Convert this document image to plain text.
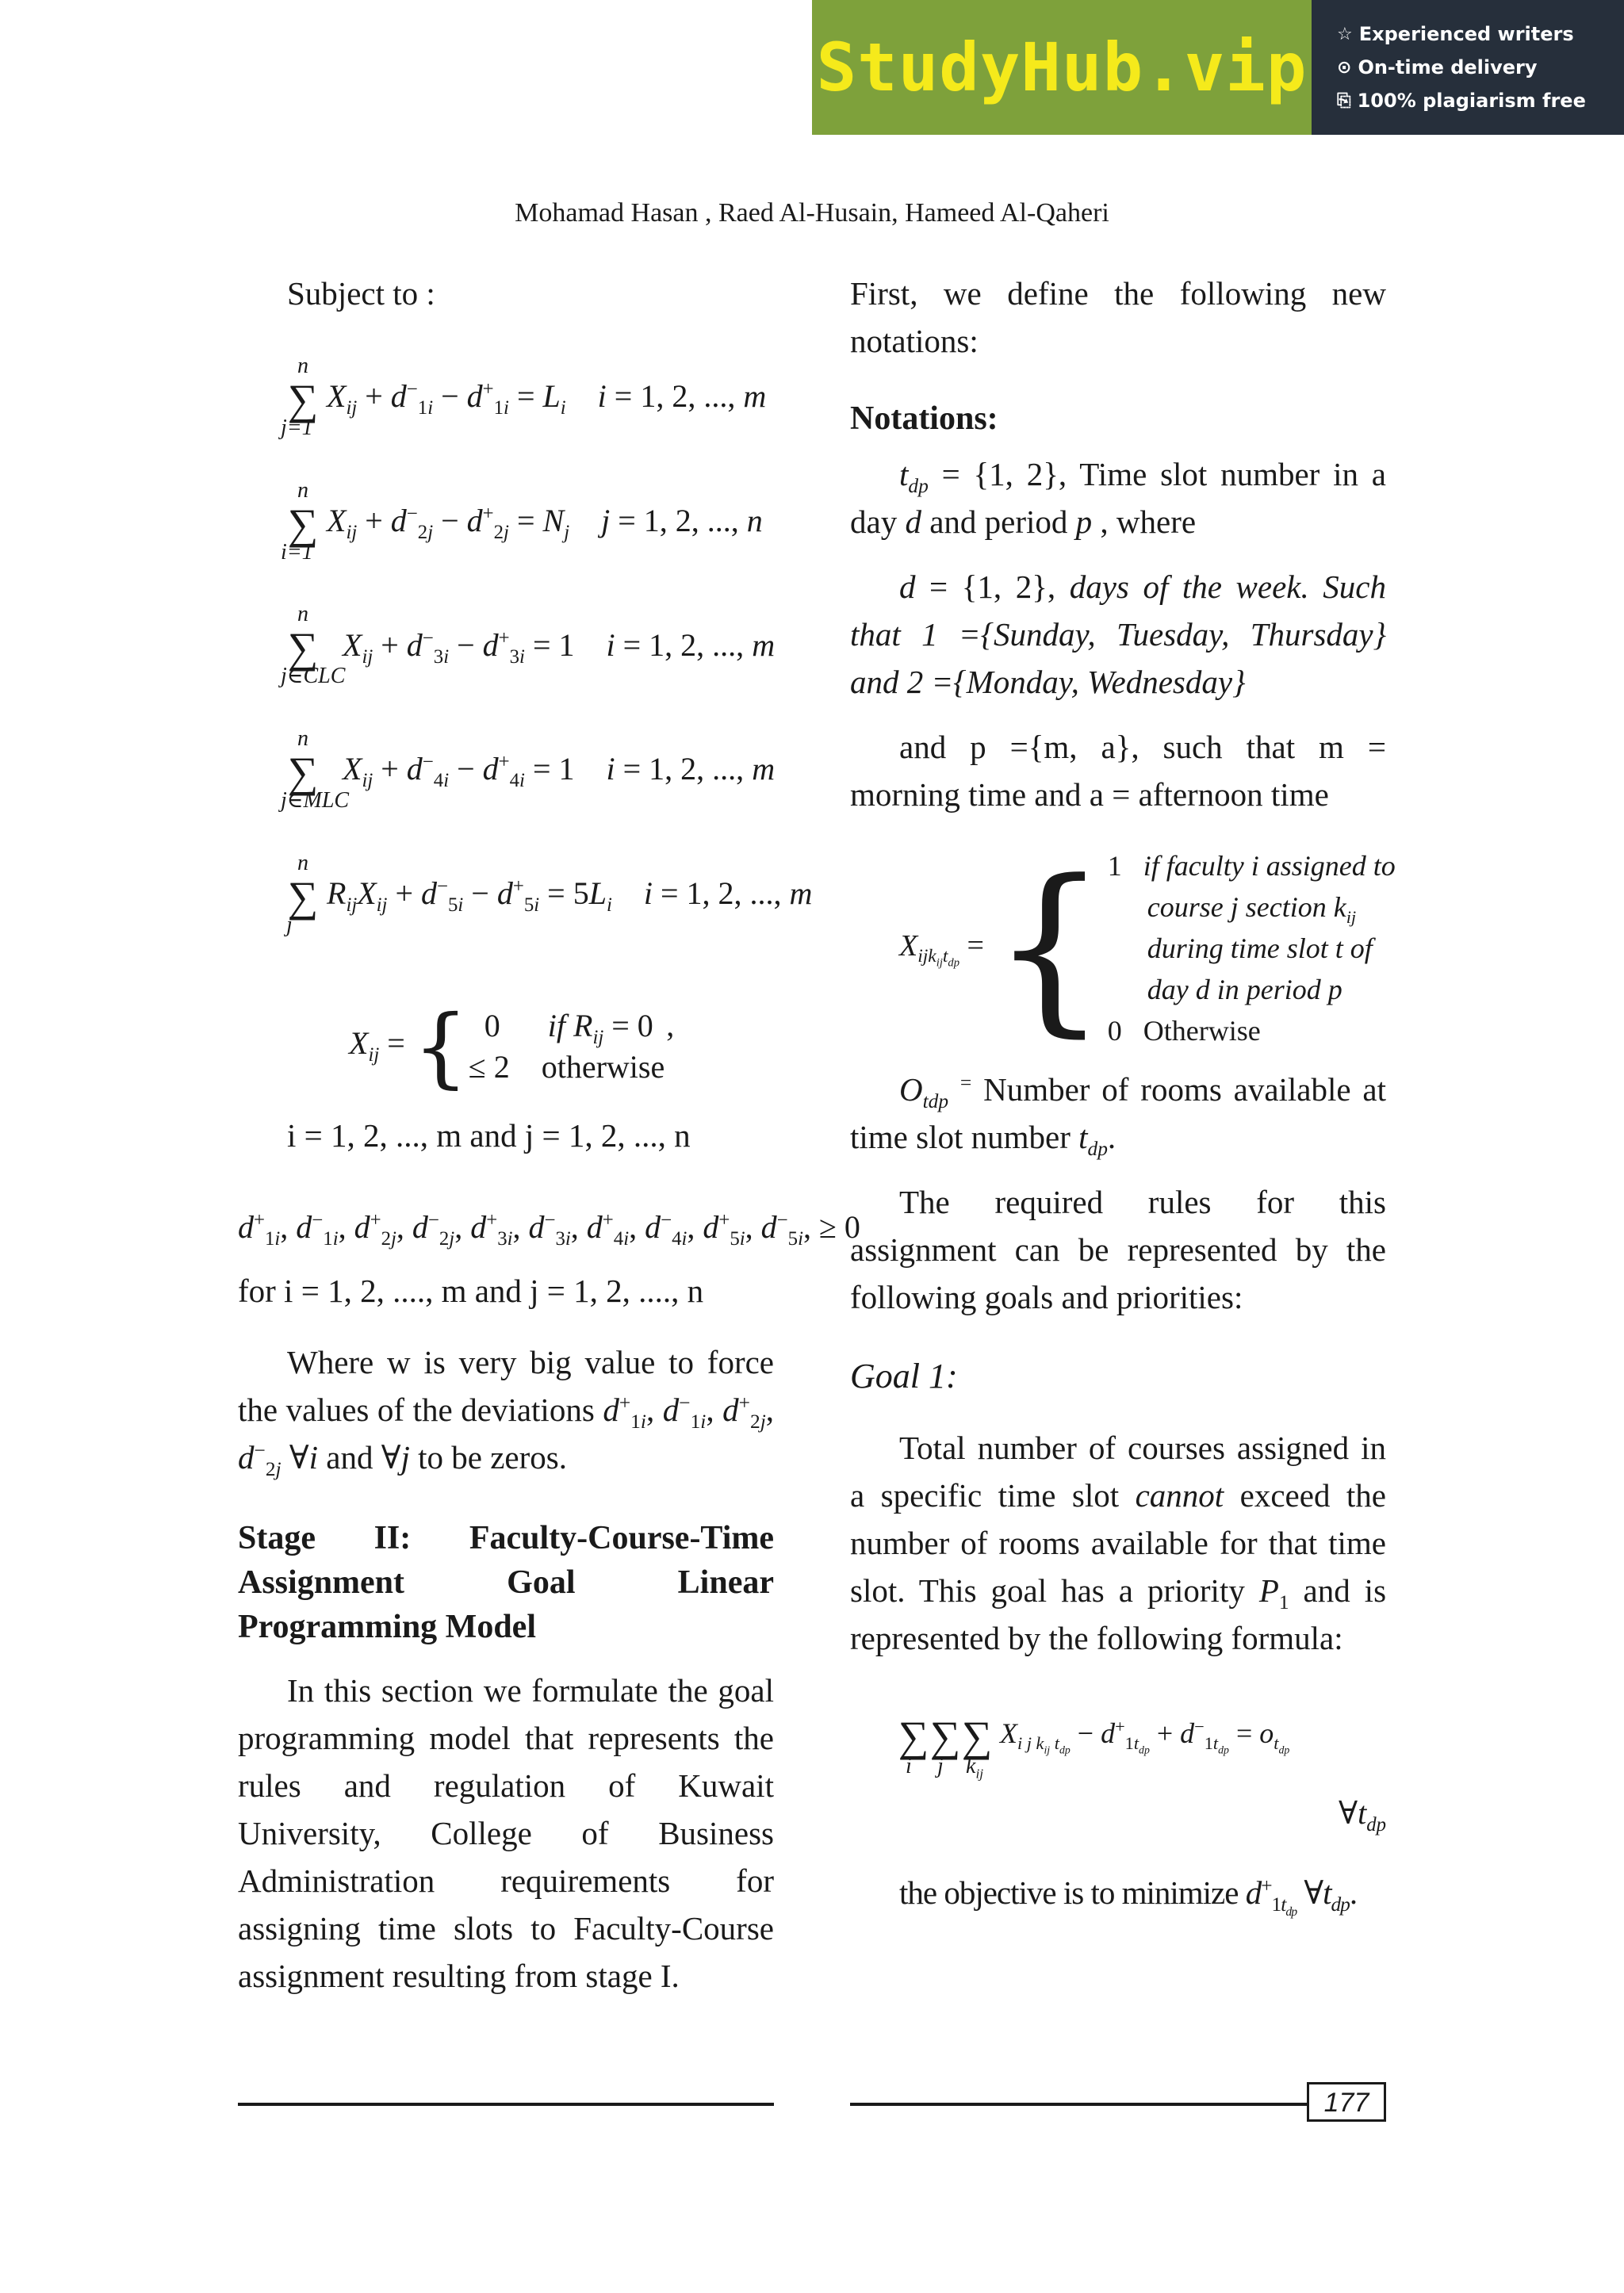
StudyHub.vip ☆ Experienced writers
⊙ On-time delivery
⎘ 100% plagiarism free
Mohamad Hasan , Raed Al-Husain, Hameed Al-Qaheri

Subject to :

n
∑
j=1
$X_{ij} + d^-_{1i} - d^+_{1i} = L_i$ i = 1, 2, ..., m
n
∑
i=1
$X_{ij} + d^-_{2j} - d^+_{2j} = N_j$ j = 1, 2, ..., n
n
∑
j∈CLC
$X_{ij} + d^-_{3i} - d^+_{3i} = 1$    i = 1, 2, ..., m
n
∑
j∈MLC
$X_{ij} + d^-_{4i} - d^+_{4i} = 1$    i = 1, 2, ..., m
n
∑
j
$R_{ij}X_{ij} + d^-_{5i} - d^+_{5i} = 5L_i$ i = 1, 2, ..., m
$X_{ij}$ = { 0      if $R_{ij} = 0$
≤ 2    otherwise
’

i = 1, 2, ..., m and j = 1, 2, ..., n

$d^+_{1i}$, $d^-_{1i}$, $d^+_{2j}$, $d^-_{2j}$, $d^+_{3i}$, $d^-_{3i}$, $d^+_{4i}$, $d^-_{4i}$, $d^+_{5i}$, $d^-_{5i}$, ≥ 0

for i = 1, 2, ...., m and j = 1, 2, ...., n

Where w is very big value to force the values of the deviations $d^+_{1i}$, $d^-_{1i}$, $d^+_{2j}$, $d^-_{2j}$ ∀i and ∀j to be zeros.

Stage II: Faculty-Course-Time Assignment Goal Linear Programming Model

In this section we formulate the goal programming model that represents the rules and regulation of Kuwait University, College of Business Administration requirements for assigning time slots to Faculty-Course assignment resulting from stage I.

First, we define the following new notations:

Notations:

$t_{dp} = \{1$, 2}, Time slot number in a day d and period p , where

d = {1, 2}, days of the week. Such that 1 ={Sunday, Tuesday, Thursday} and 2 ={Monday, Wednesday}

and p ={m, a}, such that m = morning time and a = afternoon time

$X_{ijk_{ij}t_{dp}}$ = { 1   if faculty i assigned to
course j section $k_{ij}$
during time slot t of
day d in period p
0   Otherwise

$O_{tdp}$ = Number of rooms available at time slot number $t_{dp}$.

The required rules for this assignment can be represented by the following goals and priorities:

Goal 1:

Total number of courses assigned in a specific time slot cannot exceed the number of rooms available for that time slot. This goal has a priority $P_1$ and is represented by the following formula:

∑
i
∑
j
∑
$k_{ij}$
$X_{i j k_{ij} t_{dp}} - d^+_{1t_{dp}} + d^-_{1t_{dp}} = o_{t_{dp}}$
$\forall t_{dp}$

the objective is to minimize $d^+_{1t_{dp}}$ $\forall t_{dp}$.

177
